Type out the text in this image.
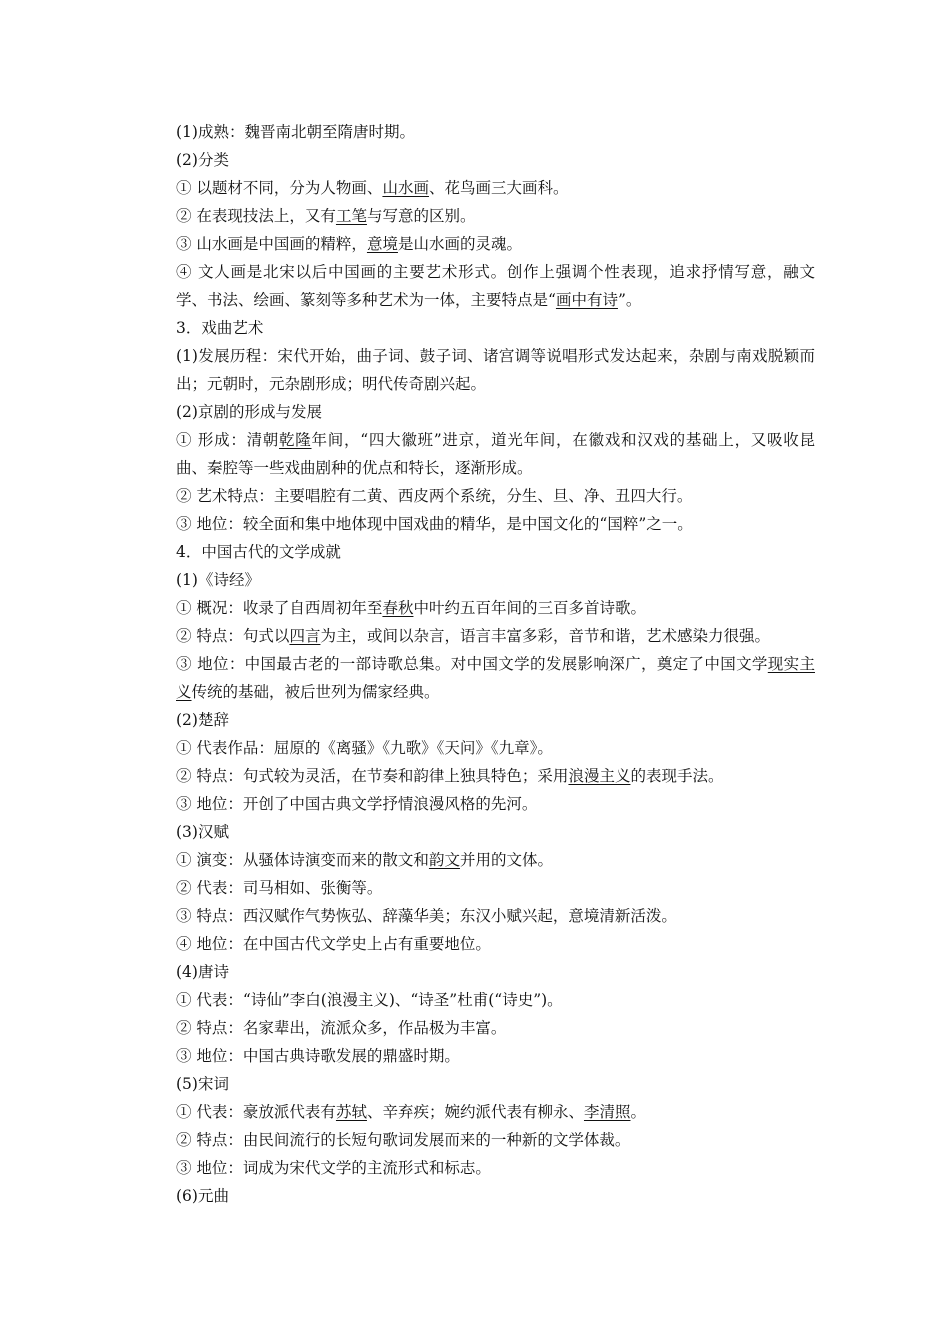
(1)成熟：魏晋南北朝至隋唐时期。
(2)分类
① 以题材不同，分为人物画、山水画、花鸟画三大画科。
② 在表现技法上，又有工笔与写意的区别。
③ 山水画是中国画的精粹，意境是山水画的灵魂。
④ 文人画是北宋以后中国画的主要艺术形式。创作上强调个性表现，追求抒情写意，融文学、书法、绘画、篆刻等多种艺术为一体，主要特点是“画中有诗”。
3．戏曲艺术
(1)发展历程：宋代开始，曲子词、鼓子词、诸宫调等说唱形式发达起来，杂剧与南戏脱颖而出；元朝时，元杂剧形成；明代传奇剧兴起。
(2)京剧的形成与发展
① 形成：清朝乾隆年间，“四大徽班”进京，道光年间，在徽戏和汉戏的基础上，又吸收昆曲、秦腔等一些戏曲剧种的优点和特长，逐渐形成。
② 艺术特点：主要唱腔有二黄、西皮两个系统，分生、旦、净、丑四大行。
③ 地位：较全面和集中地体现中国戏曲的精华，是中国文化的“国粹”之一。
4．中国古代的文学成就
(1)《诗经》
① 概况：收录了自西周初年至春秋中叶约五百年间的三百多首诗歌。
② 特点：句式以四言为主，或间以杂言，语言丰富多彩，音节和谐，艺术感染力很强。
③ 地位：中国最古老的一部诗歌总集。对中国文学的发展影响深广，奠定了中国文学现实主义传统的基础，被后世列为儒家经典。
(2)楚辞
① 代表作品：屈原的《离骚》《九歌》《天问》《九章》。
② 特点：句式较为灵活，在节奏和韵律上独具特色；采用浪漫主义的表现手法。
③ 地位：开创了中国古典文学抒情浪漫风格的先河。
(3)汉赋
① 演变：从骚体诗演变而来的散文和韵文并用的文体。
② 代表：司马相如、张衡等。
③ 特点：西汉赋作气势恢弘、辞藻华美；东汉小赋兴起，意境清新活泼。
④ 地位：在中国古代文学史上占有重要地位。
(4)唐诗
① 代表：“诗仙”李白(浪漫主义)、“诗圣”杜甫(“诗史”)。
② 特点：名家辈出，流派众多，作品极为丰富。
③ 地位：中国古典诗歌发展的鼎盛时期。
(5)宋词
① 代表：豪放派代表有苏轼、辛弃疾；婉约派代表有柳永、李清照。
② 特点：由民间流行的长短句歌词发展而来的一种新的文学体裁。
③ 地位：词成为宋代文学的主流形式和标志。
(6)元曲
